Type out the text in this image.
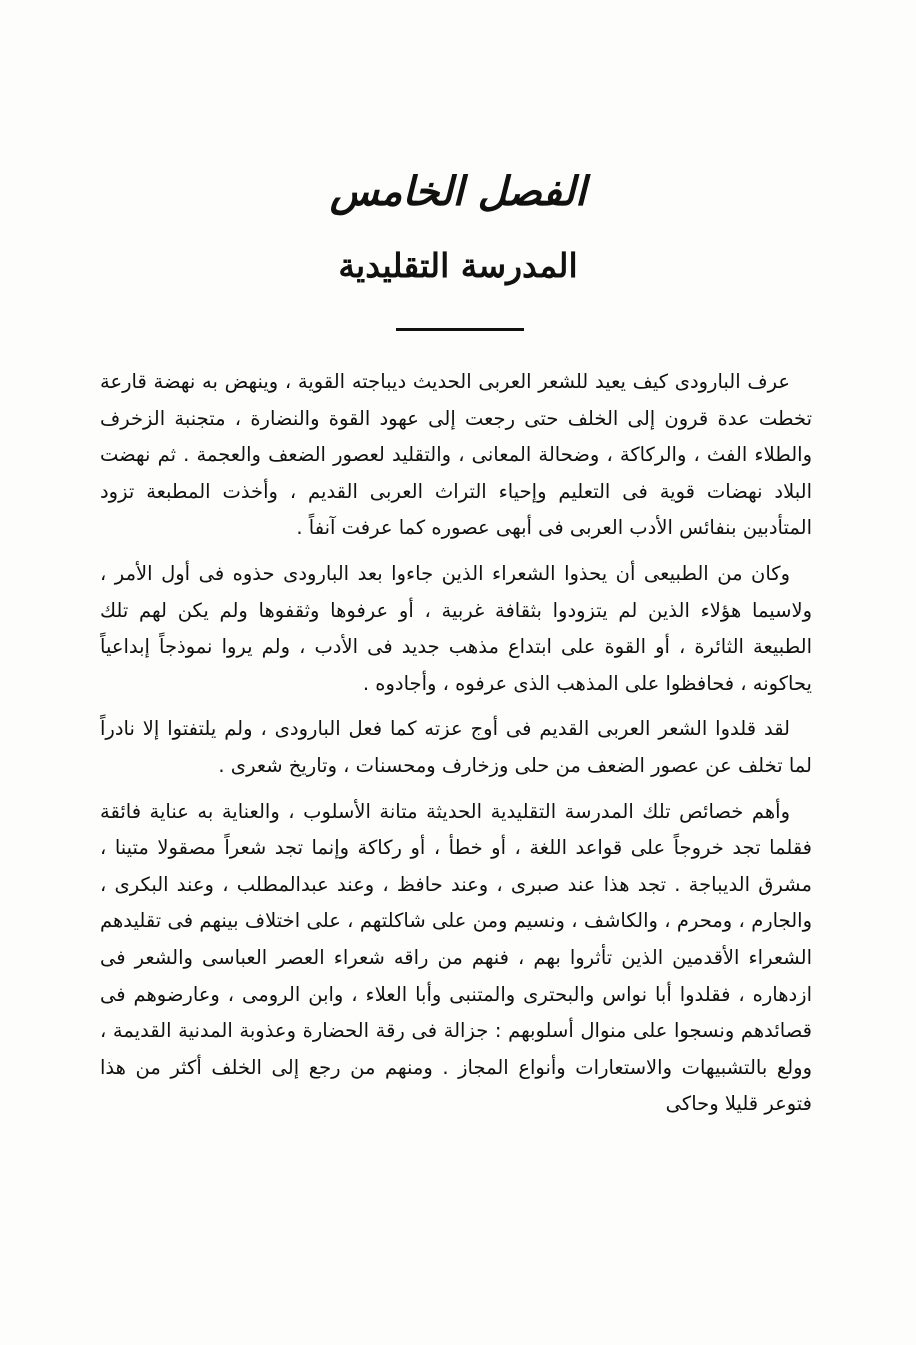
الفصل الخامس
المدرسة التقليدية

عرف البارودى كيف يعيد للشعر العربى الحديث ديباجته القوية ، وينهض به نهضة قارعة تخطت عدة قرون إلى الخلف حتى رجعت إلى عهود القوة والنضارة ، متجنبة الزخرف والطلاء الفث ، والركاكة ، وضحالة المعانى ، والتقليد لعصور الضعف والعجمة . ثم نهضت البلاد نهضات قوية فى التعليم وإحياء التراث العربى القديم ، وأخذت المطبعة تزود المتأدبين بنفائس الأدب العربى فى أبهى عصوره كما عرفت آنفاً .

وكان من الطبيعى أن يحذوا الشعراء الذين جاءوا بعد البارودى حذوه فى أول الأمر ، ولاسيما هؤلاء الذين لم يتزودوا بثقافة غربية ، أو عرفوها وثقفوها ولم يكن لهم تلك الطبيعة الثائرة ، أو القوة على ابتداع مذهب جديد فى الأدب ، ولم يروا نموذجاً إبداعياً يحاكونه ، فحافظوا على المذهب الذى عرفوه ، وأجادوه .

لقد قلدوا الشعر العربى القديم فى أوج عزته كما فعل البارودى ، ولم يلتفتوا إلا نادراً لما تخلف عن عصور الضعف من حلى وزخارف ومحسنات ، وتاريخ شعرى .

وأهم خصائص تلك المدرسة التقليدية الحديثة متانة الأسلوب ، والعناية به عناية فائقة فقلما تجد خروجاً على قواعد اللغة ، أو خطأ ، أو ركاكة وإنما تجد شعراً مصقولا متينا ، مشرق الديباجة . تجد هذا عند صبرى ، وعند حافظ ، وعند عبدالمطلب ، وعند البكرى ، والجارم ، ومحرم ، والكاشف ، ونسيم ومن على شاكلتهم ، على اختلاف بينهم فى تقليدهم الشعراء الأقدمين الذين تأثروا بهم ، فنهم من راقه شعراء العصر العباسى والشعر فى ازدهاره ، فقلدوا أبا نواس والبحترى والمتنبى وأبا العلاء ، وابن الرومى ، وعارضوهم فى قصائدهم ونسجوا على منوال أسلوبهم : جزالة فى رقة الحضارة وعذوبة المدنية القديمة ، وولع بالتشبيهات والاستعارات وأنواع المجاز . ومنهم من رجع إلى الخلف أكثر من هذا فتوعر قليلا وحاكى
